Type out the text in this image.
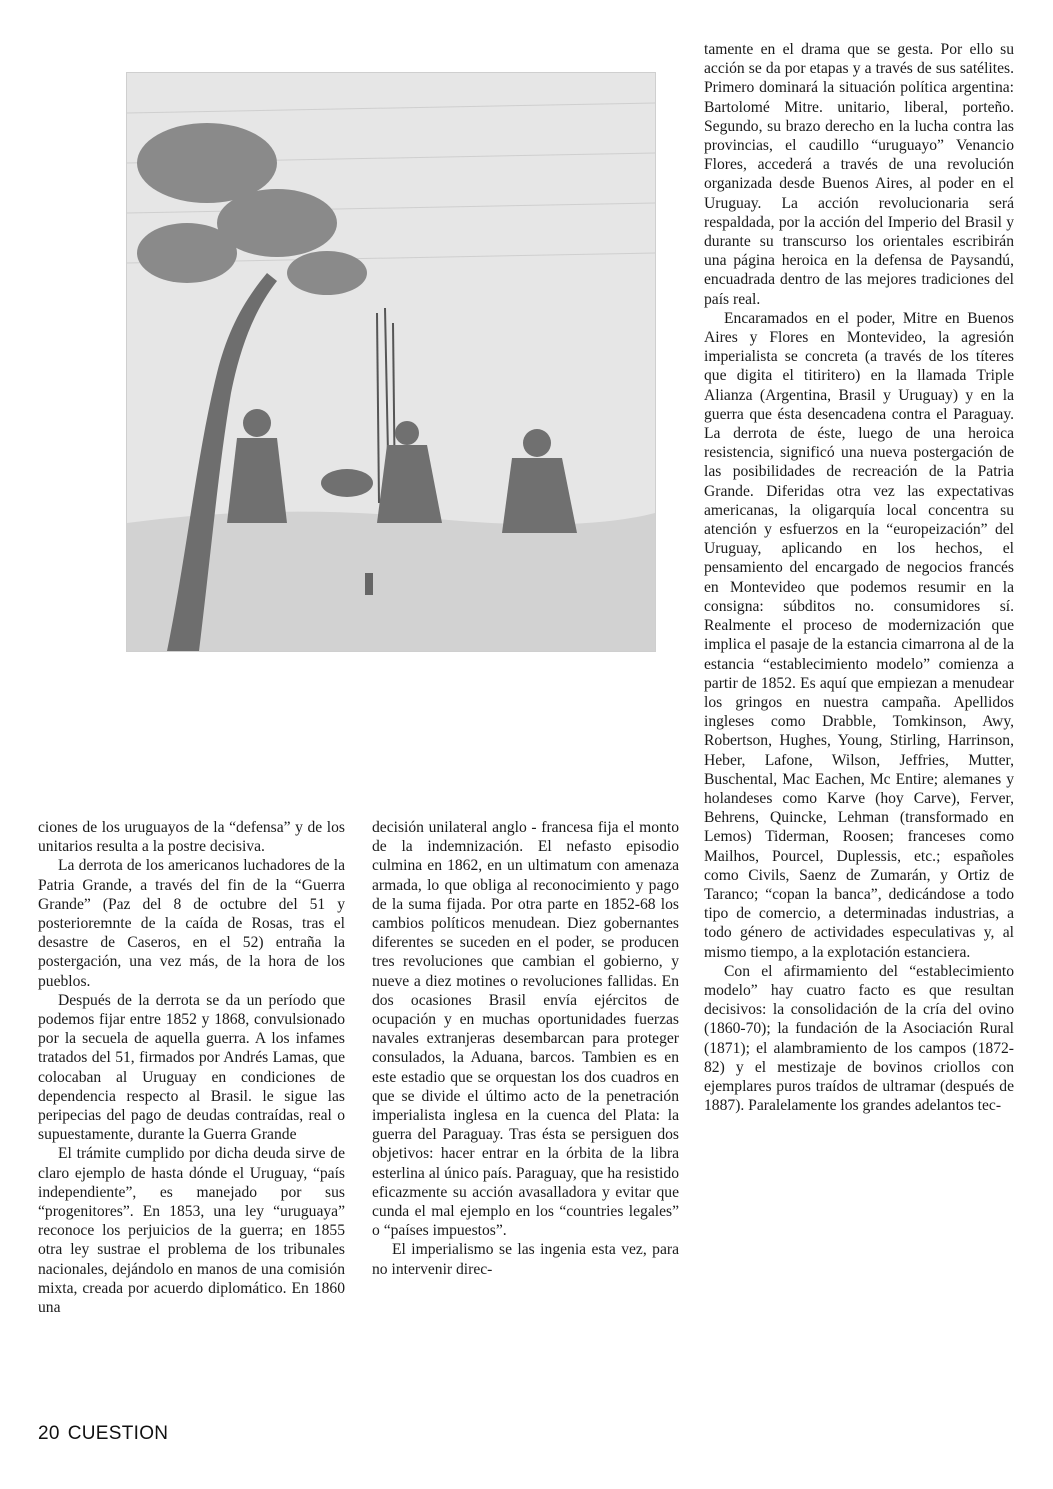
ciones de los uruguayos de la “defensa” y de los unitarios resulta a la postre decisiva.

La derrota de los americanos luchadores de la Patria Grande, a través del fin de la “Guerra Grande” (Paz del 8 de octubre del 51 y posterioremnte de la caída de Rosas, tras el desastre de Caseros, en el 52) entraña la postergación, una vez más, de la hora de los pueblos.

Después de la derrota se da un período que podemos fijar entre 1852 y 1868, convulsionado por la secuela de aquella guerra. A los infames tratados del 51, firmados por Andrés Lamas, que colocaban al Uruguay en condiciones de dependencia respecto al Brasil. le sigue las peripecias del pago de deudas contraídas, real o supuestamente, durante la Guerra Grande

El trámite cumplido por dicha deuda sirve de claro ejemplo de hasta dónde el Uruguay, “país independiente”, es manejado por sus “progenitores”. En 1853, una ley “uruguaya” reconoce los perjuicios de la guerra; en 1855 otra ley sustrae el problema de los tribunales nacionales, dejándolo en manos de una comisión mixta, creada por acuerdo diplomático. En 1860 una

decisión unilateral anglo - francesa fija el monto de la indemnización. El nefasto episodio culmina en 1862, en un ultimatum con amenaza armada, lo que obliga al reconocimiento y pago de la suma fijada. Por otra parte en 1852-68 los cambios políticos menudean. Diez gobernantes diferentes se suceden en el poder, se producen tres revoluciones que cambian el gobierno, y nueve a diez motines o revoluciones fallidas. En dos ocasiones Brasil envía ejércitos de ocupación y en muchas oportunidades fuerzas navales extranjeras desembarcan para proteger consulados, la Aduana, barcos. Tambien es en este estadio que se orquestan los dos cuadros en que se divide el último acto de la penetración imperialista inglesa en la cuenca del Plata: la guerra del Paraguay. Tras ésta se persiguen dos objetivos: hacer entrar en la órbita de la libra esterlina al único país. Paraguay, que ha resistido eficazmente su acción avasalladora y evitar que cunda el mal ejemplo en los “countries legales” o “países impuestos”.

El imperialismo se las ingenia esta vez, para no intervenir direc-

tamente en el drama que se gesta. Por ello su acción se da por etapas y a través de sus satélites. Primero dominará la situación política argentina: Bartolomé Mitre. unitario, liberal, porteño. Segundo, su brazo derecho en la lucha contra las provincias, el caudillo “uruguayo” Venancio Flores, accederá a través de una revolución organizada desde Buenos Aires, al poder en el Uruguay. La acción revolucionaria será respaldada, por la acción del Imperio del Brasil y durante su transcurso los orientales escribirán una página heroica en la defensa de Paysandú, encuadrada dentro de las mejores tradiciones del país real.

Encaramados en el poder, Mitre en Buenos Aires y Flores en Montevideo, la agresión imperialista se concreta (a través de los títeres que digita el titiritero) en la llamada Triple Alianza (Argentina, Brasil y Uruguay) y en la guerra que ésta desencadena contra el Paraguay. La derrota de éste, luego de una heroica resistencia, significó una nueva postergación de las posibilidades de recreación de la Patria Grande. Diferidas otra vez las expectativas americanas, la oligarquía local concentra su atención y esfuerzos en la “europeización” del Uruguay, aplicando en los hechos, el pensamiento del encargado de negocios francés en Montevideo que podemos resumir en la consigna: súbditos no. consumidores sí. Realmente el proceso de modernización que implica el pasaje de la estancia cimarrona al de la estancia “establecimiento modelo” comienza a partir de 1852. Es aquí que empiezan a menudear los gringos en nuestra campaña. Apellidos ingleses como Drabble, Tomkinson, Awy, Robertson, Hughes, Young, Stirling, Harrinson, Heber, Lafone, Wilson, Jeffries, Mutter, Buschental, Mac Eachen, Mc Entire; alemanes y holandeses como Karve (hoy Carve), Ferver, Behrens, Quincke, Lehman (transformado en Lemos) Tiderman, Roosen; franceses como Mailhos, Pourcel, Duplessis, etc.; españoles como Civils, Saenz de Zumarán, y Ortiz de Taranco; “copan la banca”, dedicándose a todo tipo de comercio, a determinadas industrias, a todo género de actividades especulativas y, al mismo tiempo, a la explotación estanciera.

Con el afirmamiento del “establecimiento modelo” hay cuatro facto es que resultan decisivos: la consolidación de la cría del ovino (1860-70); la fundación de la Asociación Rural (1871); el alambramiento de los campos (1872-82) y el mestizaje de bovinos criollos con ejemplares puros traídos de ultramar (después de 1887). Paralelamente los grandes adelantos tec-

20 CUESTION
